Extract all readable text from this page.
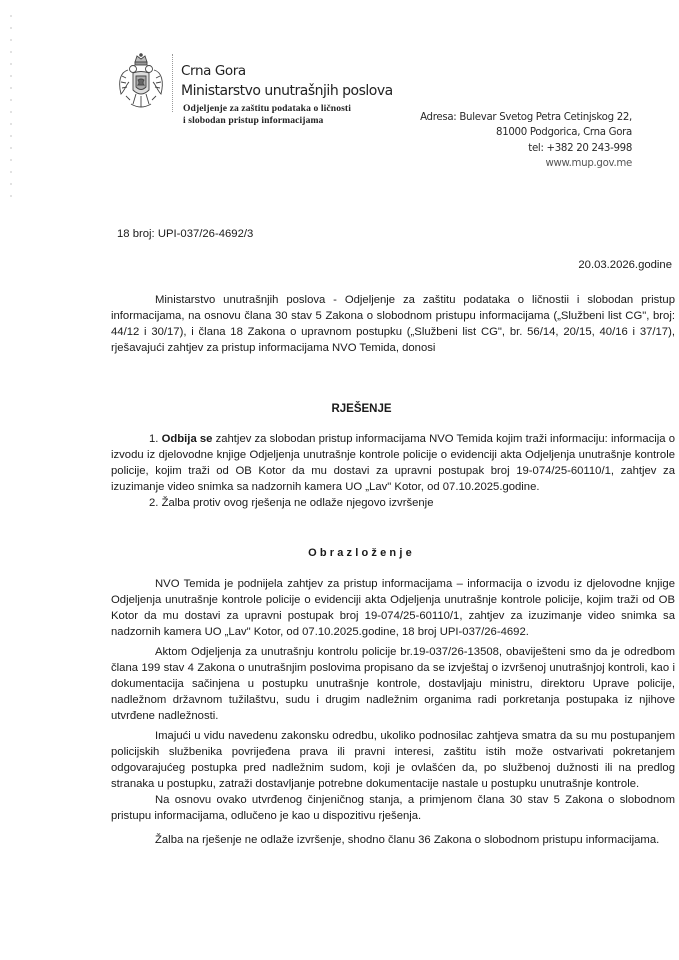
Crna Gora
Ministarstvo unutrašnjih poslova
Odjeljenje za zaštitu podataka o ličnosti
i slobodan pristup informacijama	Adresa: Bulevar Svetog Petra Cetinjskog 22,
81000 Podgorica, Crna Gora
tel: +382 20 243-998
www.mup.gov.me
18 broj: UPI-037/26-4692/3
20.03.2026.godine
Ministarstvo unutrašnjih poslova - Odjeljenje za zaštitu podataka o ličnostii i slobodan pristup informacijama, na osnovu člana 30 stav 5 Zakona o slobodnom pristupu informacijama („Službeni list CG", broj: 44/12 i 30/17), i člana 18 Zakona o upravnom postupku („Službeni list CG", br. 56/14, 20/15, 40/16 i 37/17), rješavajući zahtjev za pristup informacijama NVO Temida, donosi
RJEŠENJE
1. Odbija se zahtjev za slobodan pristup informacijama NVO Temida kojim traži informaciju: informacija o izvodu iz djelovodne knjige Odjeljenja unutrašnje kontrole policije o evidenciji akta Odjeljenja unutrašnje kontrole policije, kojim traži od OB Kotor da mu dostavi za upravni postupak broj 19-074/25-60110/1, zahtjev za izuzimanje video snimka sa nadzornih kamera UO „Lav" Kotor, od 07.10.2025.godine.
2. Žalba protiv ovog rješenja ne odlaže njegovo izvršenje
Obrazloženje

NVO Temida je podnijela zahtjev za pristup informacijama – informacija o izvodu iz djelovodne knjige Odjeljenja unutrašnje kontrole policije o evidenciji akta Odjeljenja unutrašnje kontrole policije, kojim traži od OB Kotor da mu dostavi za upravni postupak broj 19-074/25-60110/1, zahtjev za izuzimanje video snimka sa nadzornih kamera UO „Lav" Kotor, od 07.10.2025.godine, 18 broj UPI-037/26-4692.

Aktom Odjeljenja za unutrašnju kontrolu policije br.19-037/26-13508, obaviješteni smo da je odredbom člana 199 stav 4 Zakona o unutrašnjim poslovima propisano da se izvještaj o izvršenoj unutrašnjoj kontroli, kao i dokumentacija sačinjena u postupku unutrašnje kontrole, dostavljaju ministru, direktoru Uprave policije, nadležnom državnom tužilaštvu, sudu i drugim nadležnim organima radi porkretanja postupaka iz njihove utvrđene nadležnosti.

Imajući u vidu navedenu zakonsku odredbu, ukoliko podnosilac zahtjeva smatra da su mu postupanjem policijskih službenika povrijeđena prava ili pravni interesi, zaštitu istih može ostvarivati pokretanjem odgovarajućeg postupka pred nadležnim sudom, koji je ovlašćen da, po službenoj dužnosti ili na predlog stranaka u postupku, zatraži dostavljanje potrebne dokumentacije nastale u postupku unutrašnje kontrole.

Na osnovu ovako utvrđenog činjeničnog stanja, a primjenom člana 30 stav 5 Zakona o slobodnom pristupu informacijama, odlučeno je kao u dispozitivu rješenja.

Žalba na rješenje ne odlaže izvršenje, shodno članu 36 Zakona o slobodnom pristupu informacijama.
